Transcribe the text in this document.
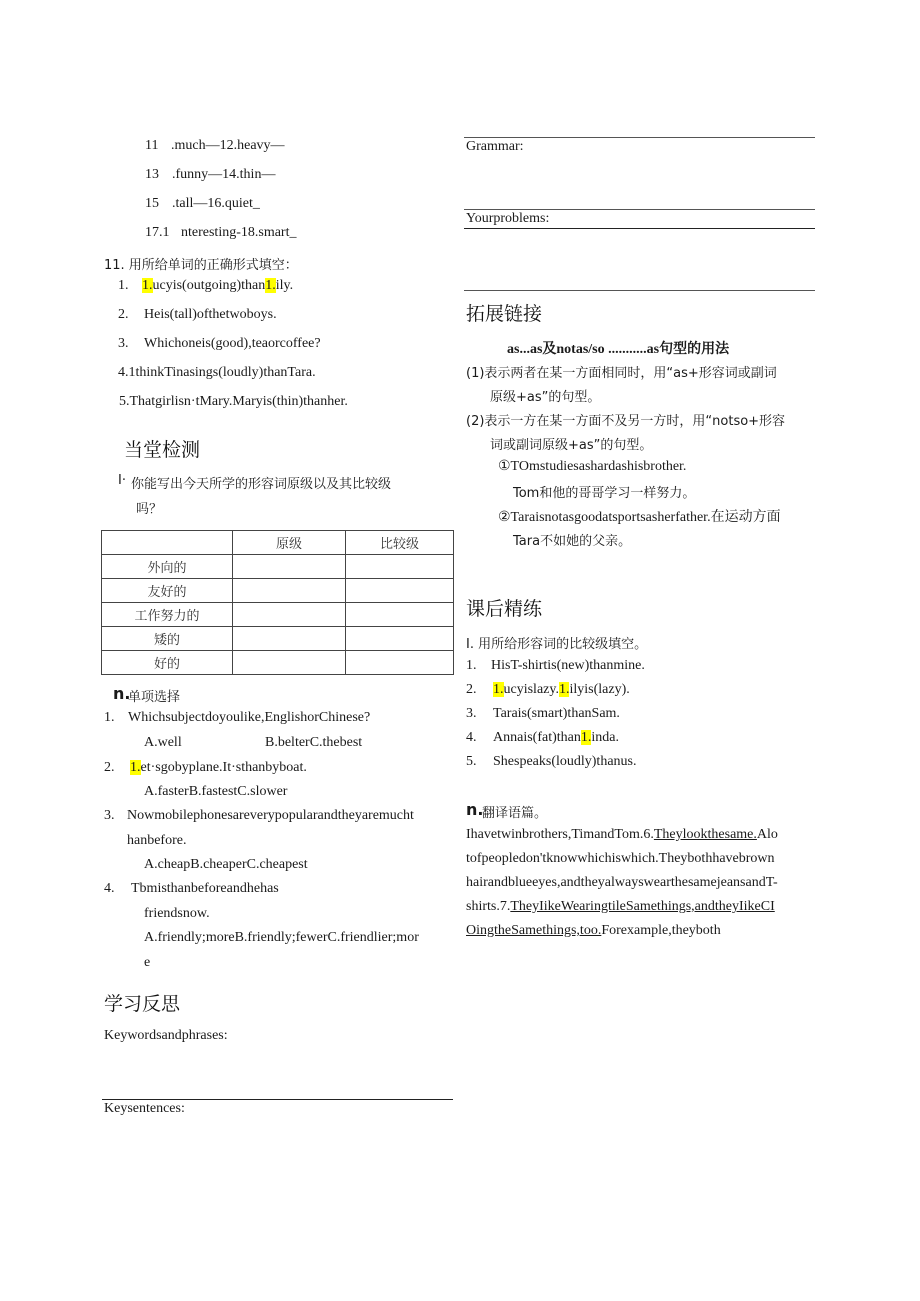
11 .much—12.heavy—
13 .funny—14.thin—
15 .tall—16.quiet_
17.1 nteresting-18.smart_
11. 用所给单词的正确形式填空：
1. 1.ucyis(outgoing)than1.ily.
2. Heis(tall)ofthetwoboys.
3. Whichoneis(good),teaorcoffee?
4.1thinkTinasings(loudly)thanTara.
5.Thatgirlisn·tMary.Maryis(thin)thanher.
当堂检测
Ⅰ· 你能写出今天所学的形容词原级以及其比较级
吗？
	原级	比较级
外向的		
友好的		
工作努力的		
矮的		
好的		
n.
单项选择
1. Whichsubjectdoyoulike,EnglishorChinese?
A.well	B.belterC.thebest
2. 1.et·sgobyplane.It·sthanbyboat.
A.fasterB.fastestC.slower
3. Nowmobilephonesareverypopularandtheyaremucht
hanbefore.
A.cheapB.cheaperC.cheapest
4. Tbmisthanbeforeandhehas
friendsnow.
A.friendly;moreB.friendly;fewerC.friendlier;mor
e
学习反思
Keywordsandphrases:
Keysentences:
Grammar:
Yourproblems:
拓展链接
as...as及notas/so ...........as句型的用法
(1)表示两者在某一方面相同时，用“as+形容词或副词
原级+as”的句型。
(2)表示一方在某一方面不及另一方时，用“notso+形容
词或副词原级+as”的句型。
①TOmstudiesashardashisbrother.
Tom和他的哥哥学习一样努力。
②Taraisnotasgoodatsportsasherfather.在运动方面
Tara不如她的父亲。
课后精练
I. 用所给形容词的比较级填空。
1. HisT-shirtis(new)thanmine.
2. 1.ucyislazy.1.ilyis(lazy).
3. Tarais(smart)thanSam.
4. Annais(fat)than1.inda.
5. Shespeaks(loudly)thanus.
n.
翻译语篇。
Ihavetwinbrothers,TimandTom.6.Theylookthesame.Alo
tofpeopledon'tknowwhichiswhich.Theybothhavebrown
hairandblueeyes,andtheyalwayswearthesamejeansandT-
shirts.7.TheyIikeWearingtileSamethings,andtheyIikeCI
OingtheSamethings,too.Forexample,theyboth
